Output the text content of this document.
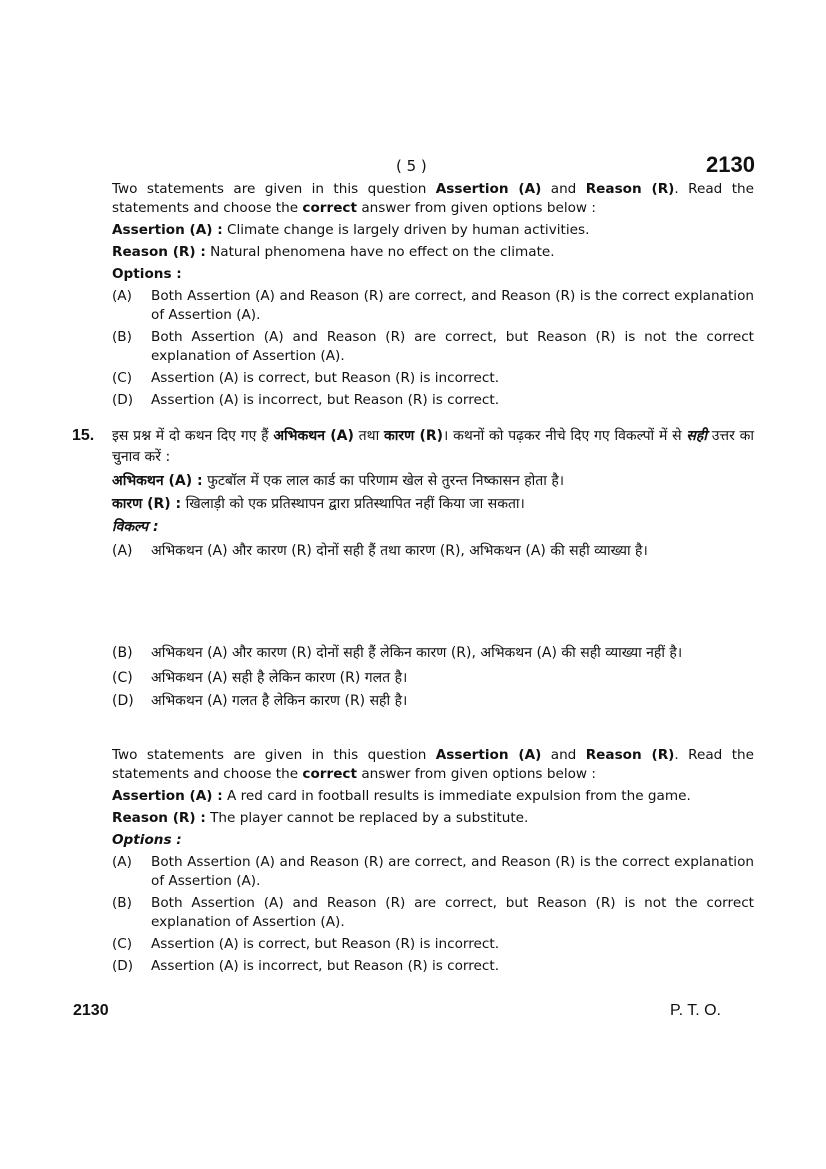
( 5 )	2130
Two statements are given in this question Assertion (A) and Reason (R). Read the statements and choose the correct answer from given options below :
Assertion (A) : Climate change is largely driven by human activities.
Reason (R) : Natural phenomena have no effect on the climate.
Options :
(A)	Both Assertion (A) and Reason (R) are correct, and Reason (R) is the correct explanation of Assertion (A).
(B)	Both Assertion (A) and Reason (R) are correct, but Reason (R) is not the correct explanation of Assertion (A).
(C)	Assertion (A) is correct, but Reason (R) is incorrect.
(D)	Assertion (A) is incorrect, but Reason (R) is correct.
15. इस प्रश्न में दो कथन दिए गए हैं अभिकथन (A) तथा कारण (R)। कथनों को पढ़कर नीचे दिए गए विकल्पों में से सही उत्तर का चुनाव करें :
अभिकथन (A) : फुटबॉल में एक लाल कार्ड का परिणाम खेल से तुरन्त निष्कासन होता है।
कारण (R) : खिलाड़ी को एक प्रतिस्थापन द्वारा प्रतिस्थापित नहीं किया जा सकता।
विकल्प :
(A)	अभिकथन (A) और कारण (R) दोनों सही हैं तथा कारण (R), अभिकथन (A) की सही व्याख्या है।
(B)	अभिकथन (A) और कारण (R) दोनों सही हैं लेकिन कारण (R), अभिकथन (A) की सही व्याख्या नहीं है।
(C)	अभिकथन (A) सही है लेकिन कारण (R) गलत है।
(D)	अभिकथन (A) गलत है लेकिन कारण (R) सही है।
Two statements are given in this question Assertion (A) and Reason (R). Read the statements and choose the correct answer from given options below :
Assertion (A) : A red card in football results is immediate expulsion from the game.
Reason (R) : The player cannot be replaced by a substitute.
Options :
(A)	Both Assertion (A) and Reason (R) are correct, and Reason (R) is the correct explanation of Assertion (A).
(B)	Both Assertion (A) and Reason (R) are correct, but Reason (R) is not the correct explanation of Assertion (A).
(C)	Assertion (A) is correct, but Reason (R) is incorrect.
(D)	Assertion (A) is incorrect, but Reason (R) is correct.
2130	P. T. O.
